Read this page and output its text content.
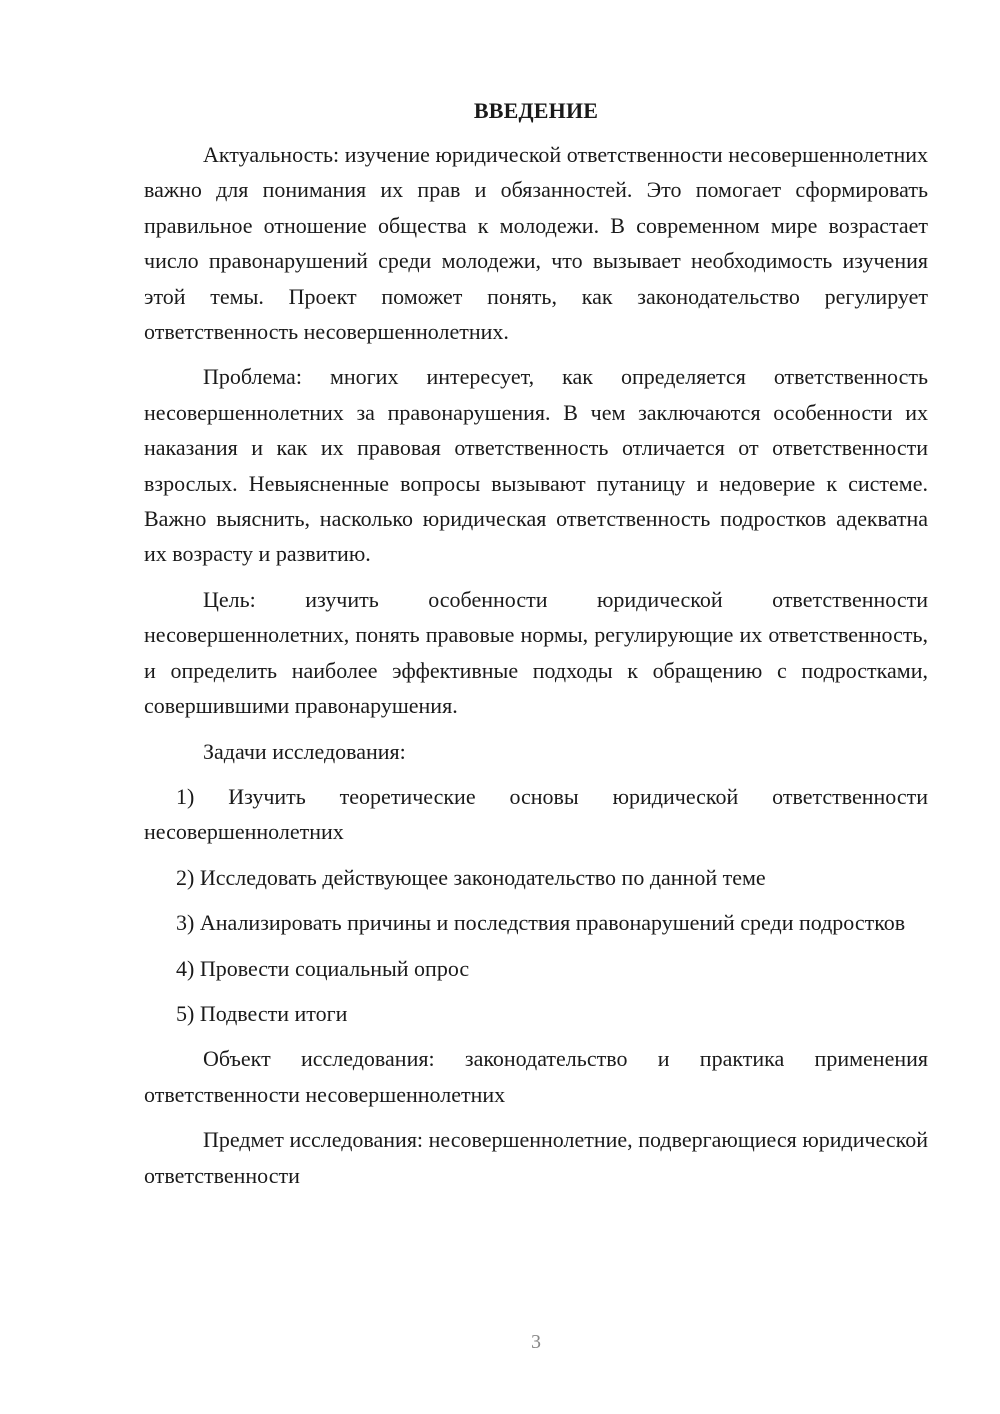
ВВЕДЕНИЕ

Актуальность: изучение юридической ответственности несовершеннолетних важно для понимания их прав и обязанностей. Это помогает сформировать правильное отношение общества к молодежи. В современном мире возрастает число правонарушений среди молодежи, что вызывает необходимость изучения этой темы. Проект поможет понять, как законодательство регулирует ответственность несовершеннолетних.

Проблема: многих интересует, как определяется ответственность несовершеннолетних за правонарушения. В чем заключаются особенности их наказания и как их правовая ответственность отличается от ответственности взрослых. Невыясненные вопросы вызывают путаницу и недоверие к системе. Важно выяснить, насколько юридическая ответственность подростков адекватна их возрасту и развитию.

Цель: изучить особенности юридической ответственности несовершеннолетних, понять правовые нормы, регулирующие их ответственность, и определить наиболее эффективные подходы к обращению с подростками, совершившими правонарушения.

Задачи исследования:

1) Изучить теоретические основы юридической ответственности несовершеннолетних

2) Исследовать действующее законодательство по данной теме

3) Анализировать причины и последствия правонарушений среди подростков

4) Провести социальный опрос

5) Подвести итоги

Объект исследования: законодательство и практика применения ответственности несовершеннолетних

Предмет исследования: несовершеннолетние, подвергающиеся юридической ответственности

3
